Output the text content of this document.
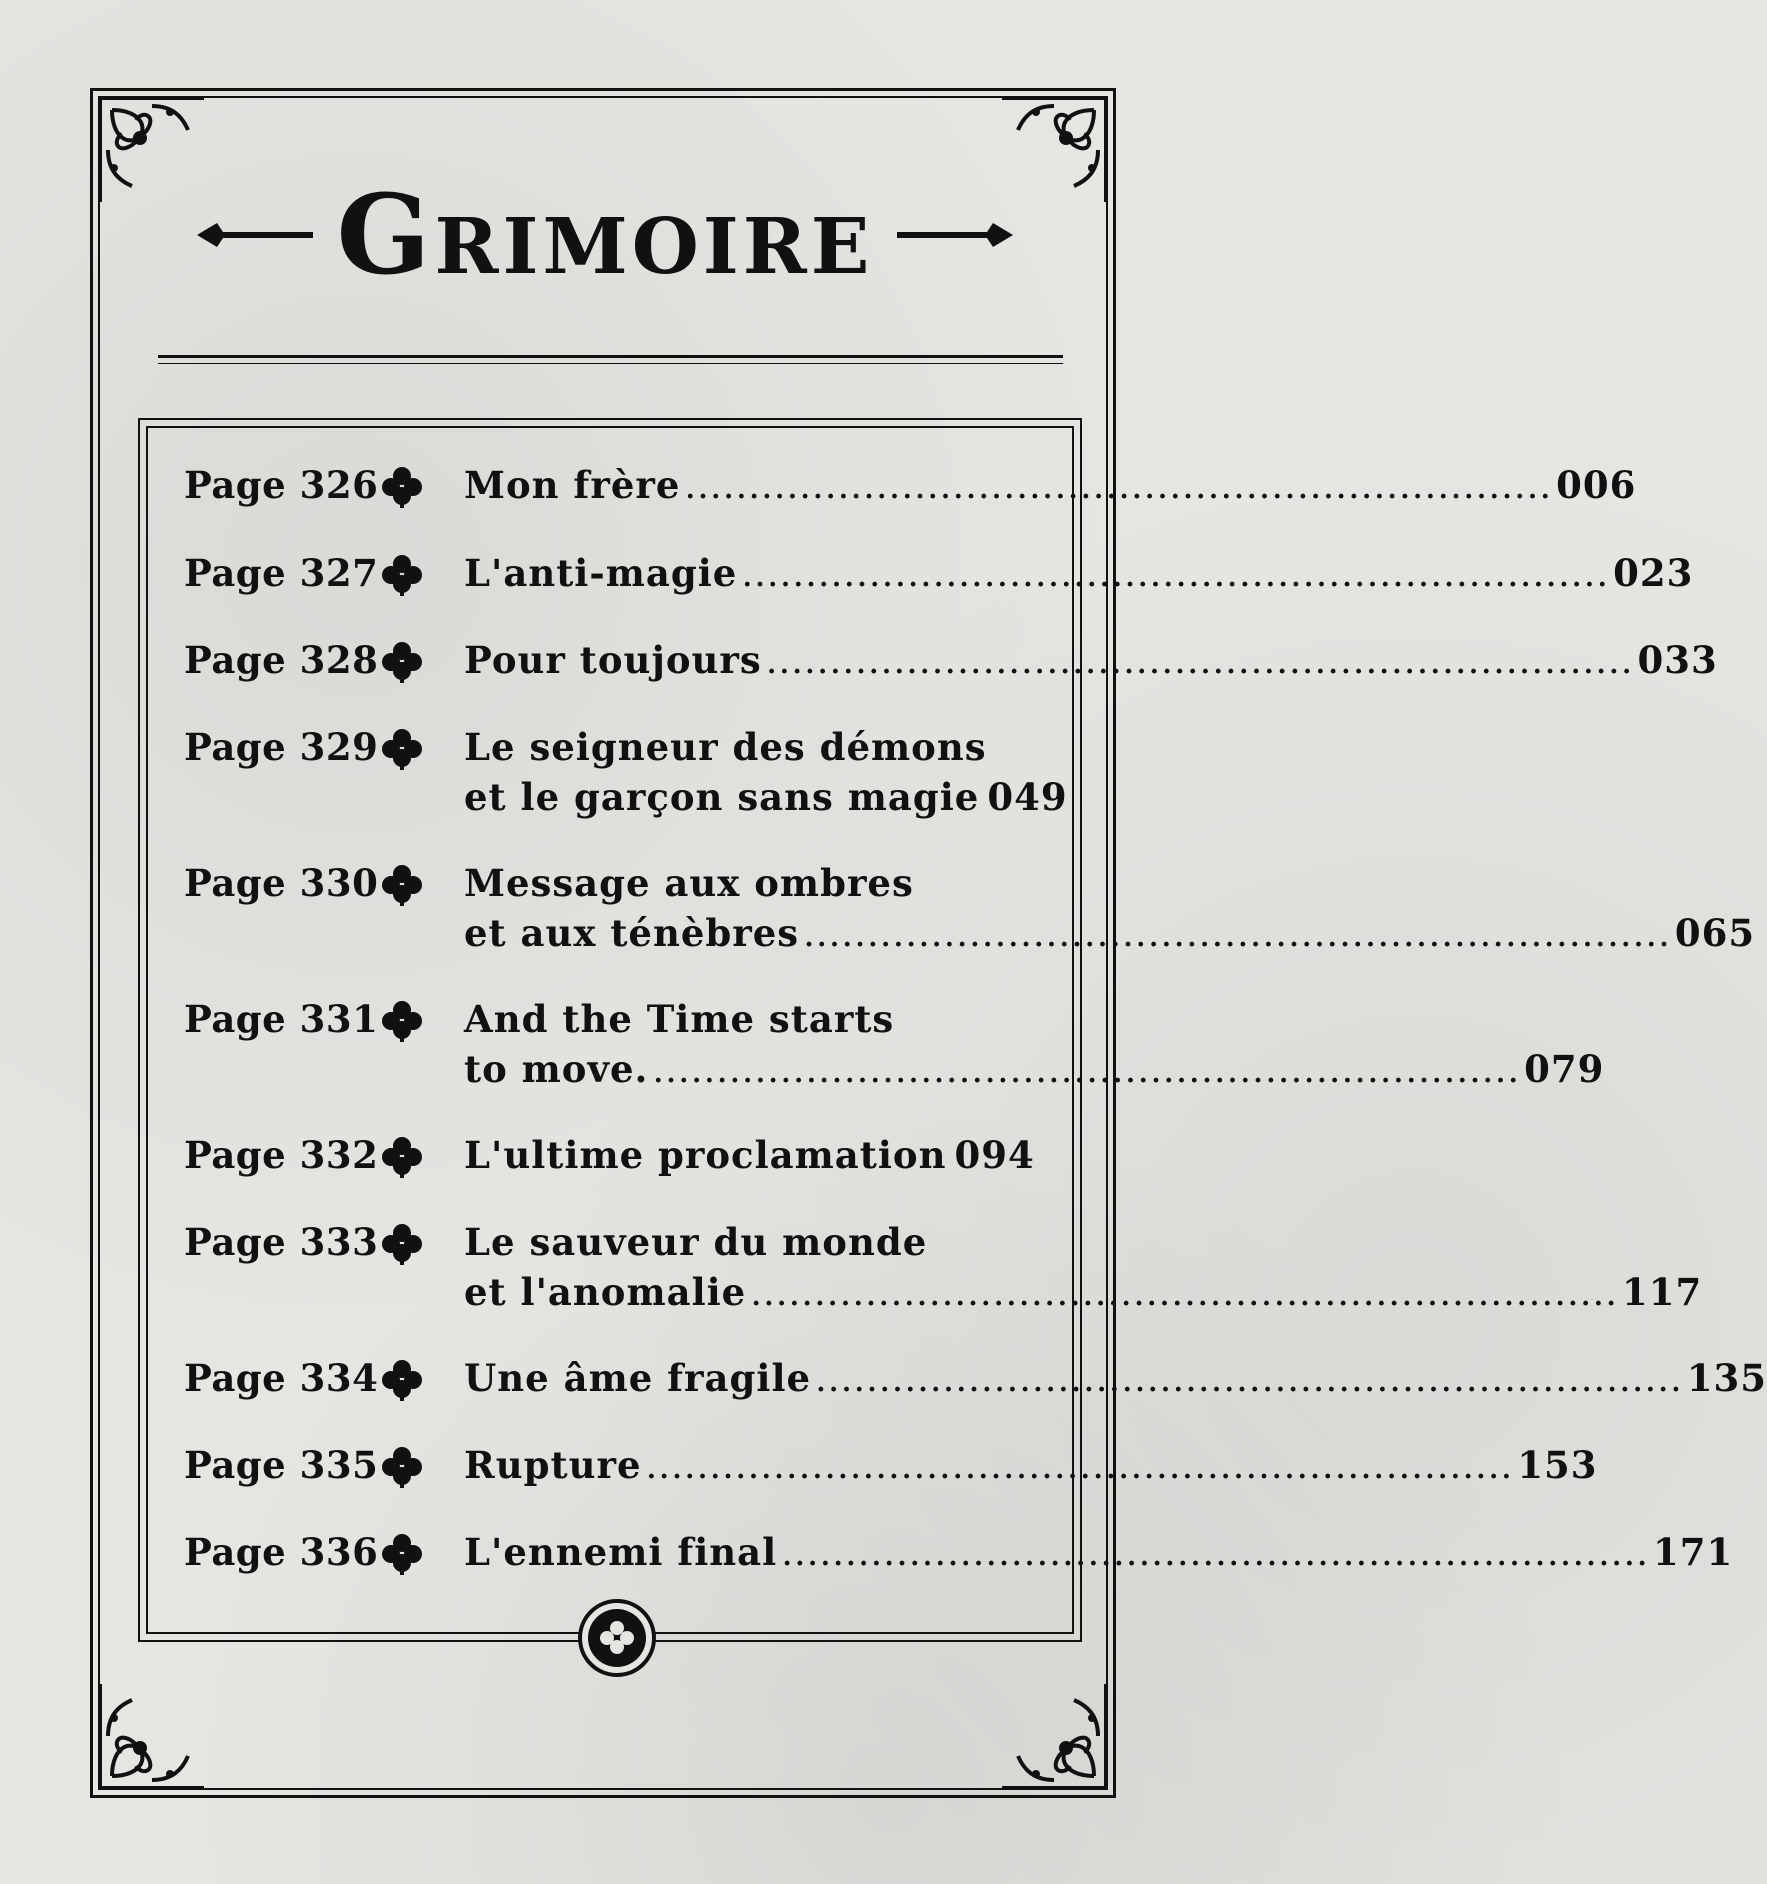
Grimoire
Page 326 Mon frère .................................................................... 006
Page 327 L'anti-magie .................................................................... 023
Page 328 Pour toujours .................................................................... 033
Page 329 Le seigneur des démons
et le garçon sans magie 049
Page 330 Message aux ombres
et aux ténèbres .................................................................... 065
Page 331 And the Time starts
to move. .................................................................... 079
Page 332 L'ultime proclamation 094
Page 333 Le sauveur du monde
et l'anomalie .................................................................... 117
Page 334 Une âme fragile .................................................................... 135
Page 335 Rupture .................................................................... 153
Page 336 L'ennemi final .................................................................... 171
